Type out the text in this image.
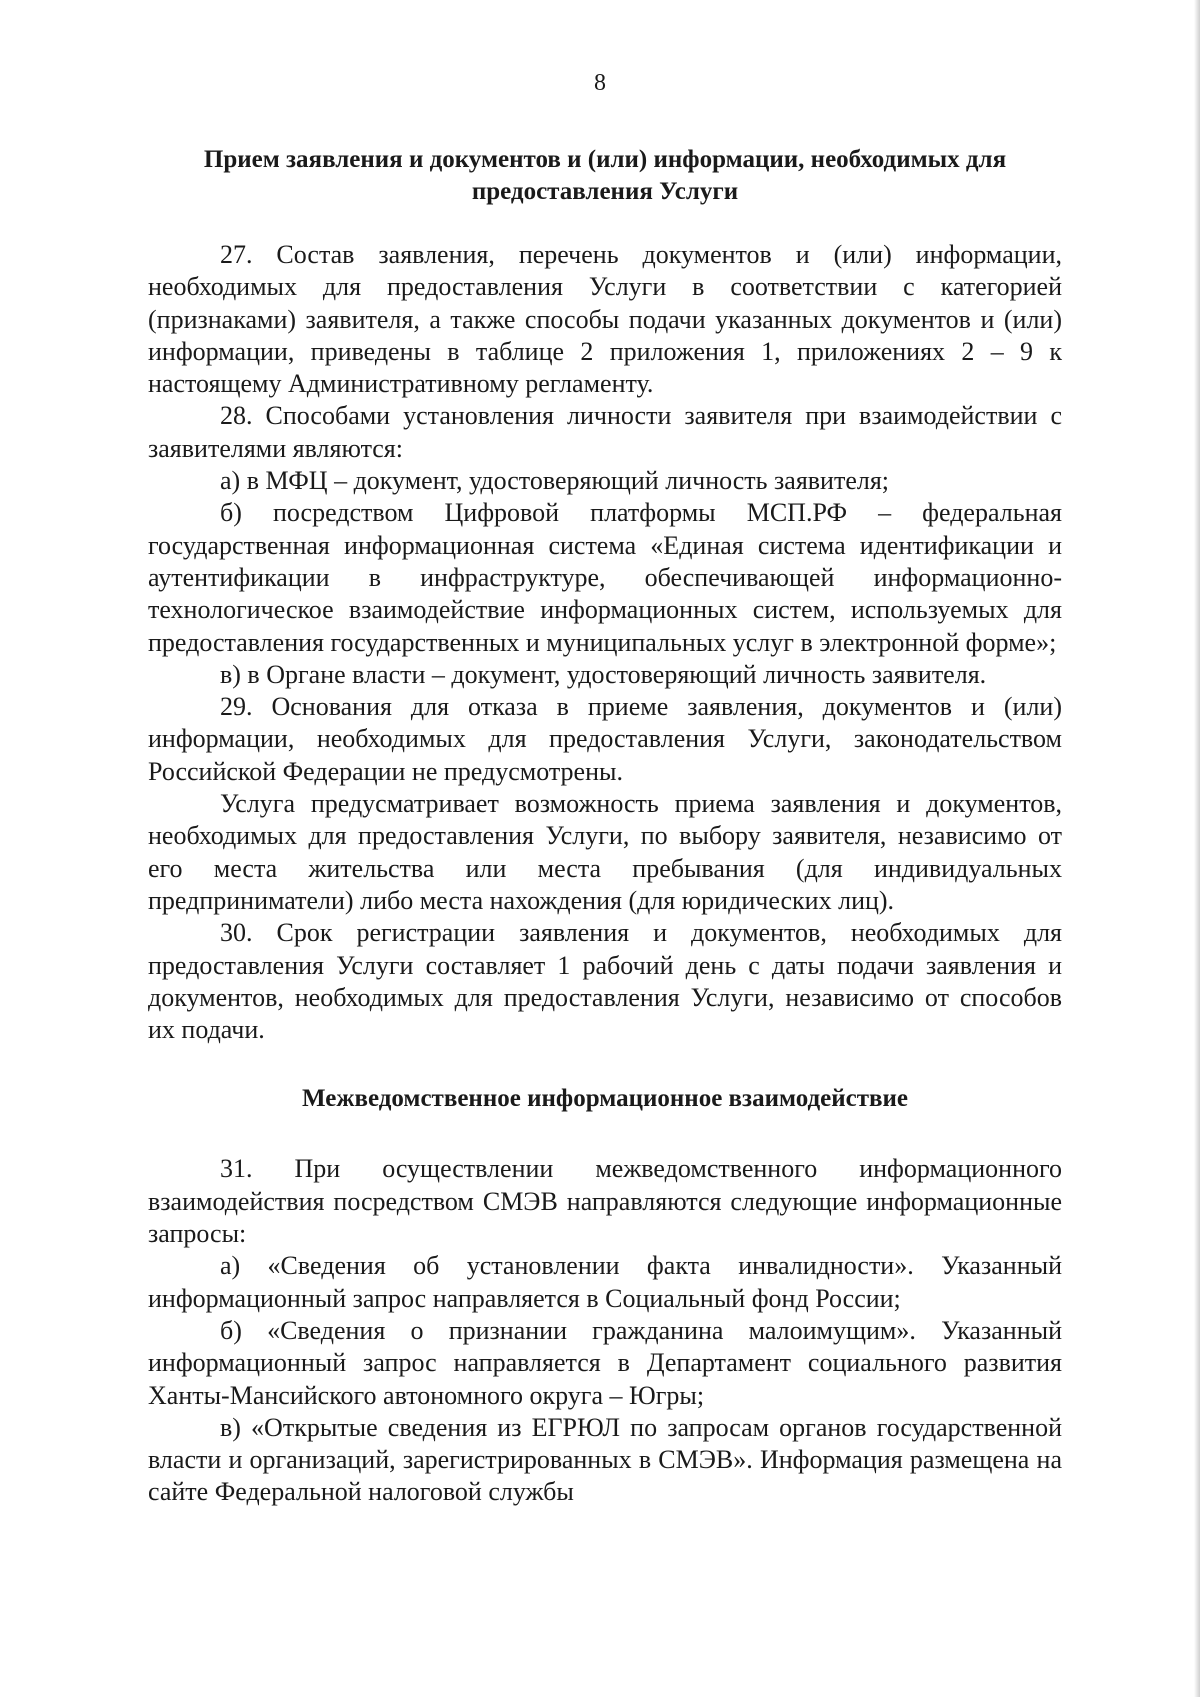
8
Прием заявления и документов и (или) информации, необходимых для предоставления Услуги

27. Состав заявления, перечень документов и (или) информации, необходимых для предоставления Услуги в соответствии с категорией (признаками) заявителя, а также способы подачи указанных документов и (или) информации, приведены в таблице 2 приложения 1, приложениях 2 – 9 к настоящему Административному регламенту.

28. Способами установления личности заявителя при взаимодействии с заявителями являются:

а) в МФЦ – документ, удостоверяющий личность заявителя;

б) посредством Цифровой платформы МСП.РФ – федеральная государственная информационная система «Единая система идентификации и аутентификации в инфраструктуре, обеспечивающей информационно-технологическое взаимодействие информационных систем, используемых для предоставления государственных и муниципальных услуг в электронной форме»;

в) в Органе власти – документ, удостоверяющий личность заявителя.

29. Основания для отказа в приеме заявления, документов и (или) информации, необходимых для предоставления Услуги, законодательством Российской Федерации не предусмотрены.

Услуга предусматривает возможность приема заявления и документов, необходимых для предоставления Услуги, по выбору заявителя, независимо от его места жительства или места пребывания (для индивидуальных предприниматели) либо места нахождения (для юридических лиц).

30. Срок регистрации заявления и документов, необходимых для предоставления Услуги составляет 1 рабочий день с даты подачи заявления и документов, необходимых для предоставления Услуги, независимо от способов их подачи.

Межведомственное информационное взаимодействие

31. При осуществлении межведомственного информационного взаимодействия посредством СМЭВ направляются следующие информационные запросы:

а) «Сведения об установлении факта инвалидности». Указанный информационный запрос направляется в Социальный фонд России;

б) «Сведения о признании гражданина малоимущим». Указанный информационный запрос направляется в Департамент социального развития Ханты-Мансийского автономного округа – Югры;

в) «Открытые сведения из ЕГРЮЛ по запросам органов государственной власти и организаций, зарегистрированных в СМЭВ». Информация размещена на сайте Федеральной налоговой службы
